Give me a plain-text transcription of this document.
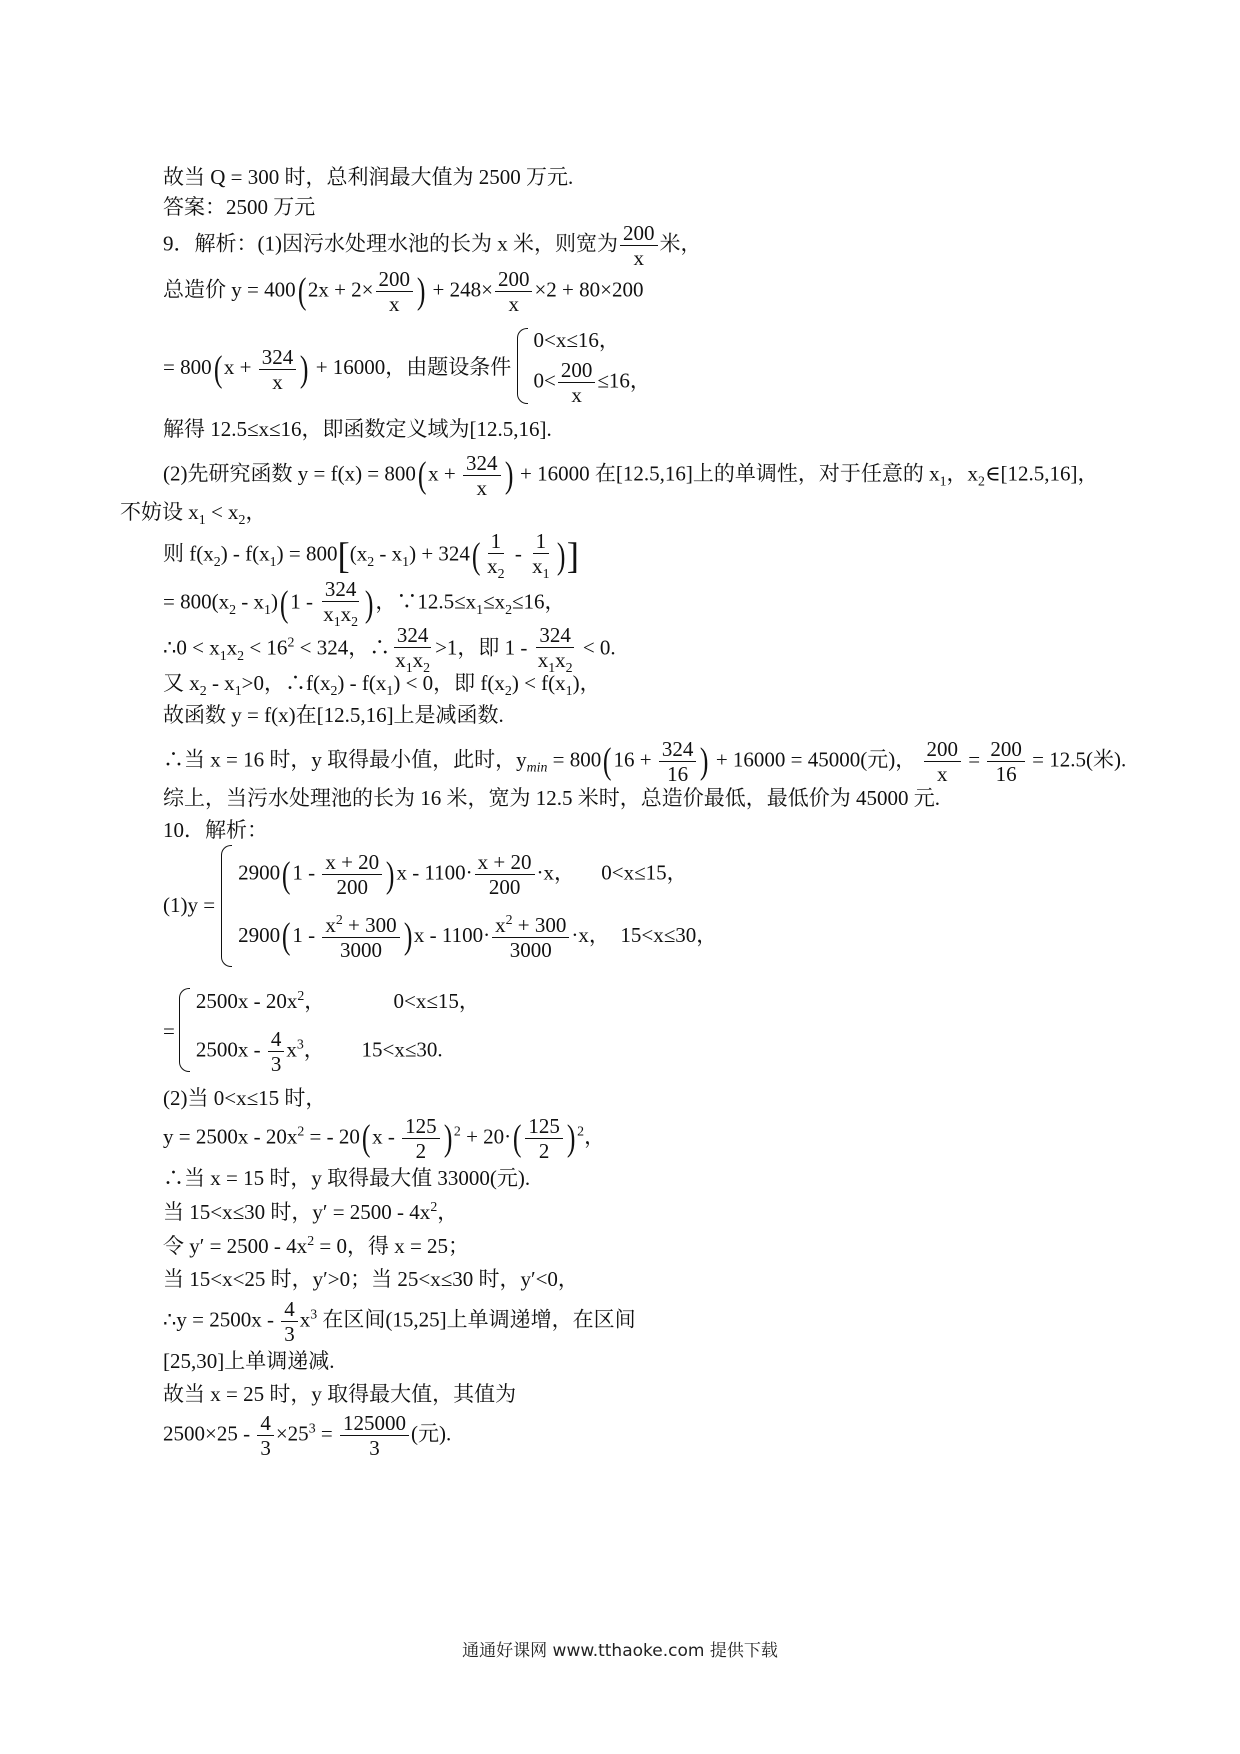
故当 Q = 300 时，总利润最大值为 2500 万元.
答案：2500 万元
9．解析：(1)因污水处理水池的长为 x 米，则宽为 $\frac{200}{x}$ 米，
总造价 $y = 400(2x + 2\times \frac{200}{x}$ ) + $248\times \frac{200}{x} \times 2 + 80\times 200$
= $800(x + \frac{324}{x}$ ) + 16000，由题设条件
0<x≤16，
$0< \frac{200}{x} \le 16$，
解得 12.5≤x≤16，即函数定义域为[12.5,16].
(2)先研究函数 $y = f(x) = 800(x + \frac{324}{x}$ ) + 16000 在[12.5,16]上的单调性，对于任意的 $x_1$，$x_2\in[12.5,16]$，
不妨设 $x_1 < x_2$，
则 $f(x_2) - f(x_1) = 800[(x_2 - x_1) + 324( \frac{1}{x_2} - \frac{1}{x_1}$ )]
= $800(x_2 - x_1)(1 - \frac{324}{x_1x_2}$ )，$\because 12.5\le x_1\le x_2\le 16$，
∴0 < $x_1x_2 < 16^2 < 324$，∴ $\frac{324}{x_1x_2} >1$，即 $1 - \frac{324}{x_1x_2} < 0$.
又 $x_2 - x_1>0$，$\therefore f(x_2) - f(x_1) < 0$，即 $f(x_2) < f(x_1)$，
故函数 y = f(x)在[12.5,16]上是减函数.
∴当 x = 16 时，y 取得最小值，此时，$y_{min} = 800(16 + \frac{324}{16}$ ) + 16000 = 45000(元)， $\frac{200}{x} = \frac{200}{16} = 12.5$(米).
综上，当污水处理池的长为 16 米，宽为 12.5 米时，总造价最低，最低价为 45000 元.
10．解析：
(1)y =
$2900(1 - \frac{x + 20}{200} )x - 1100\cdot \frac{x + 20}{200} \cdot x$，     0<x≤15，
$2900(1 - \frac{x^2 + 300}{3000} )x - 1100\cdot \frac{x^2 + 300}{3000} \cdot x$，  15<x≤30，
=
$2500x - 20x^2$，             0<x≤15，
$2500x - \frac{4}{3} x^3$，       15<x≤30.
(2)当 0<x≤15 时，
$y = 2500x - 20x^2$ = - $20(x - \frac{125}{2}$ ) $^2 + 20\cdot( \frac{125}{2}$ ) $^2$，
∴当 x = 15 时，y 取得最大值 33000(元).
当 15<x≤30 时，$y' = 2500 - 4x^2$，
令 $y' = 2500 - 4x^2 = 0$，得 x = 25；
当 15<x<25 时，y′>0；当 25<x≤30 时，y′<0，
∴y = $2500x - \frac{4}{3} x^3$ 在区间(15,25]上单调递增，在区间
[25,30]上单调递减.
故当 x = 25 时，y 取得最大值，其值为
$2500\times 25 - \frac{4}{3} \times 25^3 = \frac{125000}{3}$ (元).
通通好课网 www.tthaoke.com 提供下载
